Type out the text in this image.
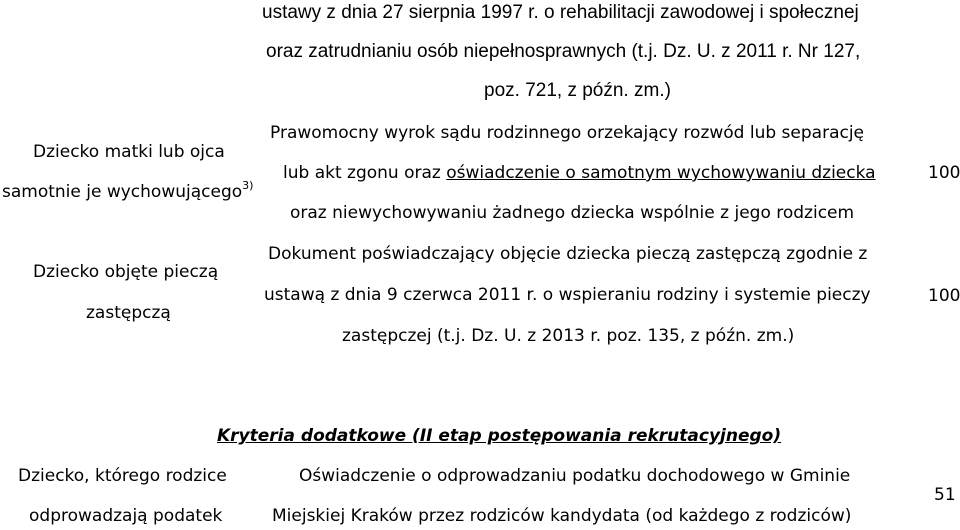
ustawy z dnia 27 sierpnia 1997 r. o rehabilitacji zawodowej i społecznej
oraz zatrudnianiu osób niepełnosprawnych (t.j. Dz. U. z 2011 r. Nr 127,
poz. 721, z późn. zm.)
Dziecko matki lub ojca
samotnie je wychowującego$^{3)}$
Prawomocny wyrok sądu rodzinnego orzekający rozwód lub separację
lub akt zgonu oraz oświadczenie o samotnym wychowywaniu dziecka
oraz niewychowywaniu żadnego dziecka wspólnie z jego rodzicem
100
Dziecko objęte pieczą
zastępczą
Dokument poświadczający objęcie dziecka pieczą zastępczą zgodnie z
ustawą z dnia 9 czerwca 2011 r. o wspieraniu rodziny i systemie pieczy
zastępczej (t.j. Dz. U. z 2013 r. poz. 135, z późn. zm.)
100
Kryteria dodatkowe (II etap postępowania rekrutacyjnego)
Dziecko, którego rodzice
odprowadzają podatek
Oświadczenie o odprowadzaniu podatku dochodowego w Gminie
Miejskiej Kraków przez rodziców kandydata (od każdego z rodziców)
51
